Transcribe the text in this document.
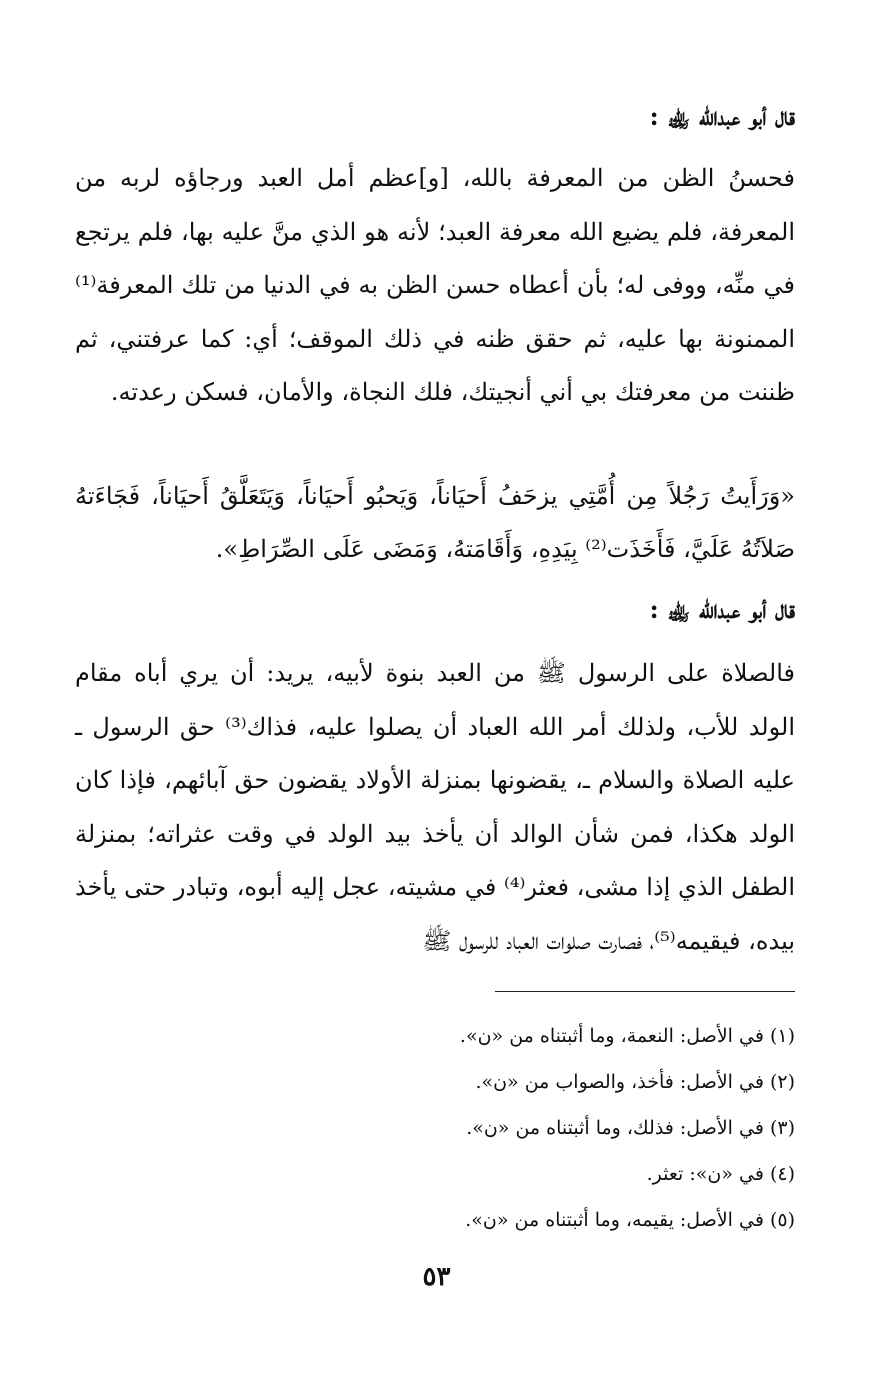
قال أبو عبدالله ﵀ :
فحسنُ الظن من المعرفة بالله، [و]عظم أمل العبد ورجاؤه لربه من المعرفة، فلم يضيع الله معرفة العبد؛ لأنه هو الذي منَّ عليه بها، فلم يرتجع في منِّه، ووفى له؛ بأن أعطاه حسن الظن به في الدنيا من تلك المعرفة⁽¹⁾ الممنونة بها عليه، ثم حقق ظنه في ذلك الموقف؛ أي: كما عرفتني، ثم ظننت من معرفتك بي أني أنجيتك، فلك النجاة، والأمان، فسكن رعدته.
«وَرَأَيتُ رَجُلاً مِن أُمَّتِي يزحَفُ أَحيَاناً، وَيَحبُو أَحيَاناً، وَيَتَعَلَّقُ أَحيَاناً، فَجَاءَتهُ صَلاَتُهُ عَلَيَّ، فَأَخَذَت⁽²⁾ بِيَدِهِ، وَأَقَامَتهُ، وَمَضَى عَلَى الصِّرَاطِ».
قال أبو عبدالله ﵀ :
فالصلاة على الرسول ﷺ من العبد بنوة لأبيه، يريد: أن يري أباه مقام الولد للأب، ولذلك أمر الله العباد أن يصلوا عليه، فذاك⁽³⁾ حق الرسول ـ عليه الصلاة والسلام ـ، يقضونها بمنزلة الأولاد يقضون حق آبائهم، فإذا كان الولد هكذا، فمن شأن الوالد أن يأخذ بيد الولد في وقت عثراته؛ بمنزلة الطفل الذي إذا مشى، فعثر⁽⁴⁾ في مشيته، عجل إليه أبوه، وتبادر حتى يأخذ بيده، فيقيمه⁽⁵⁾، فصارت صلوات العباد للرسول ﷺ
(١) في الأصل: النعمة، وما أثبتناه من «ن».
(٢) في الأصل: فأخذ، والصواب من «ن».
(٣) في الأصل: فذلك، وما أثبتناه من «ن».
(٤) في «ن»: تعثر.
(٥) في الأصل: يقيمه، وما أثبتناه من «ن».
٥٣
